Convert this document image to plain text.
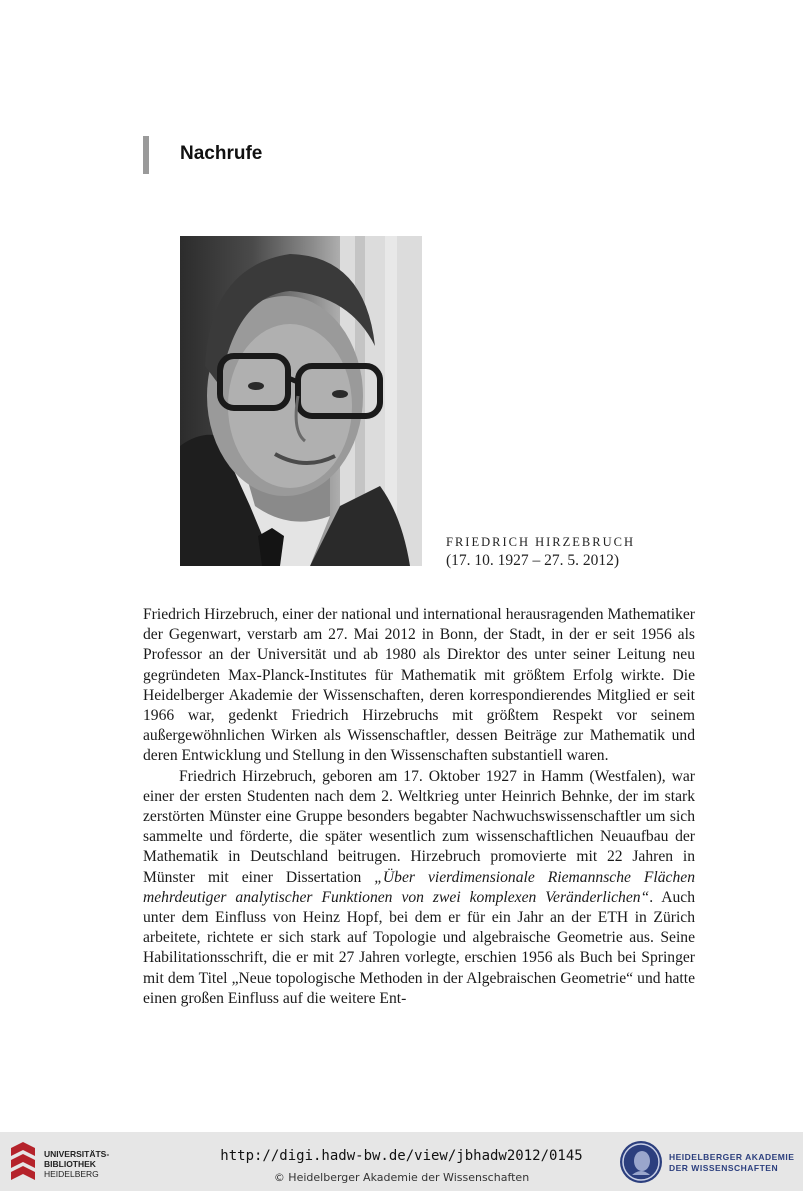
Nachrufe
FRIEDRICH HIRZEBRUCH
(17. 10. 1927 – 27. 5. 2012)

Friedrich Hirzebruch, einer der national und international herausragenden Mathematiker der Gegenwart, verstarb am 27. Mai 2012 in Bonn, der Stadt, in der er seit 1956 als Professor an der Universität und ab 1980 als Direktor des unter seiner Leitung neu gegründeten Max-Planck-Institutes für Mathematik mit größtem Erfolg wirkte. Die Heidelberger Akademie der Wissenschaften, deren korrespondierendes Mitglied er seit 1966 war, gedenkt Friedrich Hirzebruchs mit größtem Respekt vor seinem außergewöhnlichen Wirken als Wissenschaftler, dessen Beiträge zur Mathematik und deren Entwicklung und Stellung in den Wissenschaften substantiell waren.

Friedrich Hirzebruch, geboren am 17. Oktober 1927 in Hamm (Westfalen), war einer der ersten Studenten nach dem 2. Weltkrieg unter Heinrich Behnke, der im stark zerstörten Münster eine Gruppe besonders begabter Nachwuchswissenschaftler um sich sammelte und förderte, die später wesentlich zum wissenschaftlichen Neuaufbau der Mathematik in Deutschland beitrugen. Hirzebruch promovierte mit 22 Jahren in Münster mit einer Dissertation „Über vierdimensionale Riemannsche Flächen mehrdeutiger analytischer Funktionen von zwei komplexen Veränderlichen“. Auch unter dem Einfluss von Heinz Hopf, bei dem er für ein Jahr an der ETH in Zürich arbeitete, richtete er sich stark auf Topologie und algebraische Geometrie aus. Seine Habilitationsschrift, die er mit 27 Jahren vorlegte, erschien 1956 als Buch bei Springer mit dem Titel „Neue topologische Methoden in der Algebraischen Geometrie“ und hatte einen großen Einfluss auf die weitere Ent-

UNIVERSITÄTS-
BIBLIOTHEK
HEIDELBERG
http://digi.hadw-bw.de/view/jbhadw2012/0145
© Heidelberger Akademie der Wissenschaften
HEIDELBERGER AKADEMIE
DER WISSENSCHAFTEN
